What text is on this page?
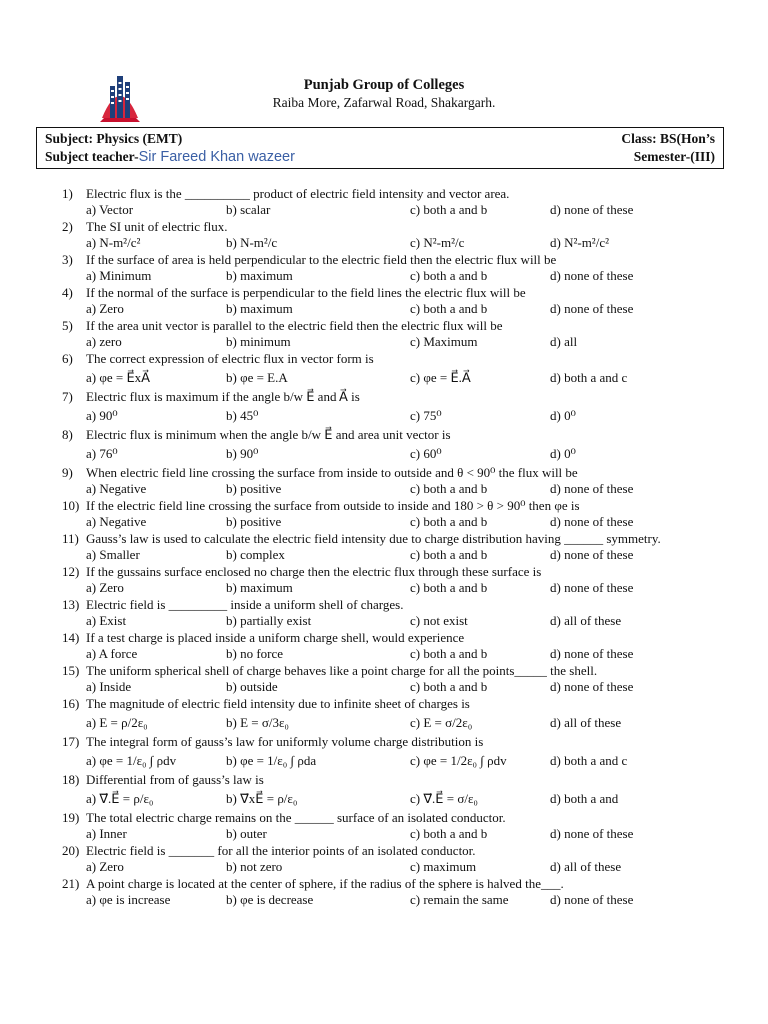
Punjab Group of Colleges
Raiba More, Zafarwal Road, Shakargarh.
Subject: Physics (EMT)	Class: BS(Hon’s
Subject teacher-Sir Fareed Khan wazeer	Semester-(III)
1)	Electric flux is the __________ product of electric field intensity and vector area.
a) Vector	b) scalar	c) both a and b	d) none of these
2)	The SI unit of electric flux.
a) N-m²/c²	b) N-m²/c	c) N²-m²/c	d) N²-m²/c²
3)	If the surface of area is held perpendicular to the electric field then the electric flux will be
a) Minimum	b) maximum	c) both a and b	d) none of these
4)	If the normal of the surface is perpendicular to the field lines the electric flux will be
a) Zero	b) maximum	c) both a and b	d) none of these
5)	If the area unit vector is parallel to the electric field then the electric flux will be
a) zero	b) minimum	c) Maximum	d) all
6)	The correct expression of electric flux in vector form is
a) φe = E⃗xA⃗	b) φe = E.A	c) φe = E⃗.A⃗	d) both a and c
7)	Electric flux is maximum if the angle b/w E⃗ and A⃗ is
a) 90⁰	b) 45⁰	c) 75⁰	d) 0⁰
8)	Electric flux is minimum when the angle b/w E⃗ and area unit vector is
a) 76⁰	b) 90⁰	c) 60⁰	d) 0⁰
9)	When electric field line crossing the surface from inside to outside and θ < 90⁰ the flux will be
a) Negative	b) positive	c) both a and b	d) none of these
10) If the electric field line crossing the surface from outside to inside and 180 > θ > 90⁰ then φe is
a) Negative	b) positive	c) both a and b	d) none of these
11) Gauss’s law is used to calculate the electric field intensity due to charge distribution having ______ symmetry.
a) Smaller	b) complex	c) both a and b	d) none of these
12) If the gussains surface enclosed no charge then the electric flux through these surface is
a) Zero	b) maximum	c) both a and b	d) none of these
13) Electric field is _________ inside a uniform shell of charges.
a) Exist	b) partially exist	c) not exist	d) all of these
14) If a test charge is placed inside a uniform charge shell, would experience
a) A force	b) no force	c) both a and b	d) none of these
15) The uniform spherical shell of charge behaves like a point charge for all the points_____ the shell.
a) Inside	b) outside	c) both a and b	d) none of these
16) The magnitude of electric field intensity due to infinite sheet of charges is
a) E = ρ/2ε₀	b) E = σ/3ε₀	c) E = σ/2ε₀	d) all of these
17) The integral form of gauss’s law for uniformly volume charge distribution is
a) φe = 1/ε₀ ∫ ρdv	b) φe = 1/ε₀ ∫ ρda	c) φe = 1/2ε₀ ∫ ρdv	d) both a and c
18) Differential from of gauss’s law is
a) ∇⃗.E⃗ = ρ/ε₀	b) ∇⃗xE⃗ = ρ/ε₀	c) ∇⃗.E⃗ = σ/ε₀	d) both a and
19) The total electric charge remains on the ______ surface of an isolated conductor.
a) Inner	b) outer	c) both a and b	d) none of these
20) Electric field is _______ for all the interior points of an isolated conductor.
a) Zero	b) not zero	c) maximum	d) all of these
21) A point charge is located at the center of sphere, if the radius of the sphere is halved the___.
a) φe is increase	b) φe is decrease	c) remain the same	d) none of these
